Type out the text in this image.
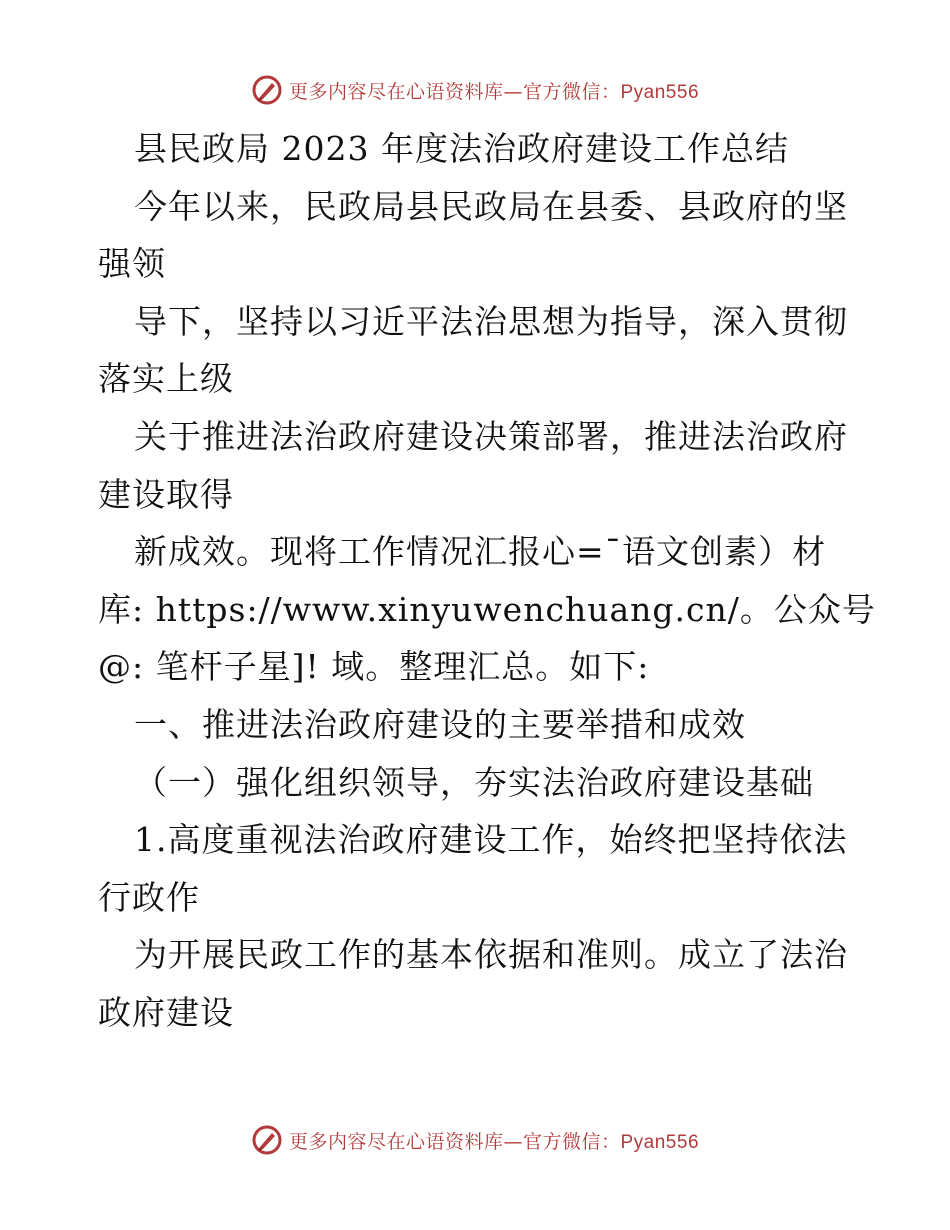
更多内容尽在心语资料库—官方微信：Pyan556
县民政局 2023 年度法治政府建设工作总结
今年以来，民政局县民政局在县委、县政府的坚
强领
导下，坚持以习近平法治思想为指导，深入贯彻
落实上级
关于推进法治政府建设决策部署，推进法治政府
建设取得
新成效。现将工作情况汇报心=¯语文创素）材
库: https://www.xinyuwenchuang.cn/。公众号
@: 笔杆子星]! 域。整理汇总。如下:
一、推进法治政府建设的主要举措和成效
（一）强化组织领导，夯实法治政府建设基础
1.高度重视法治政府建设工作，始终把坚持依法
行政作
为开展民政工作的基本依据和准则。成立了法治
政府建设
更多内容尽在心语资料库—官方微信：Pyan556
